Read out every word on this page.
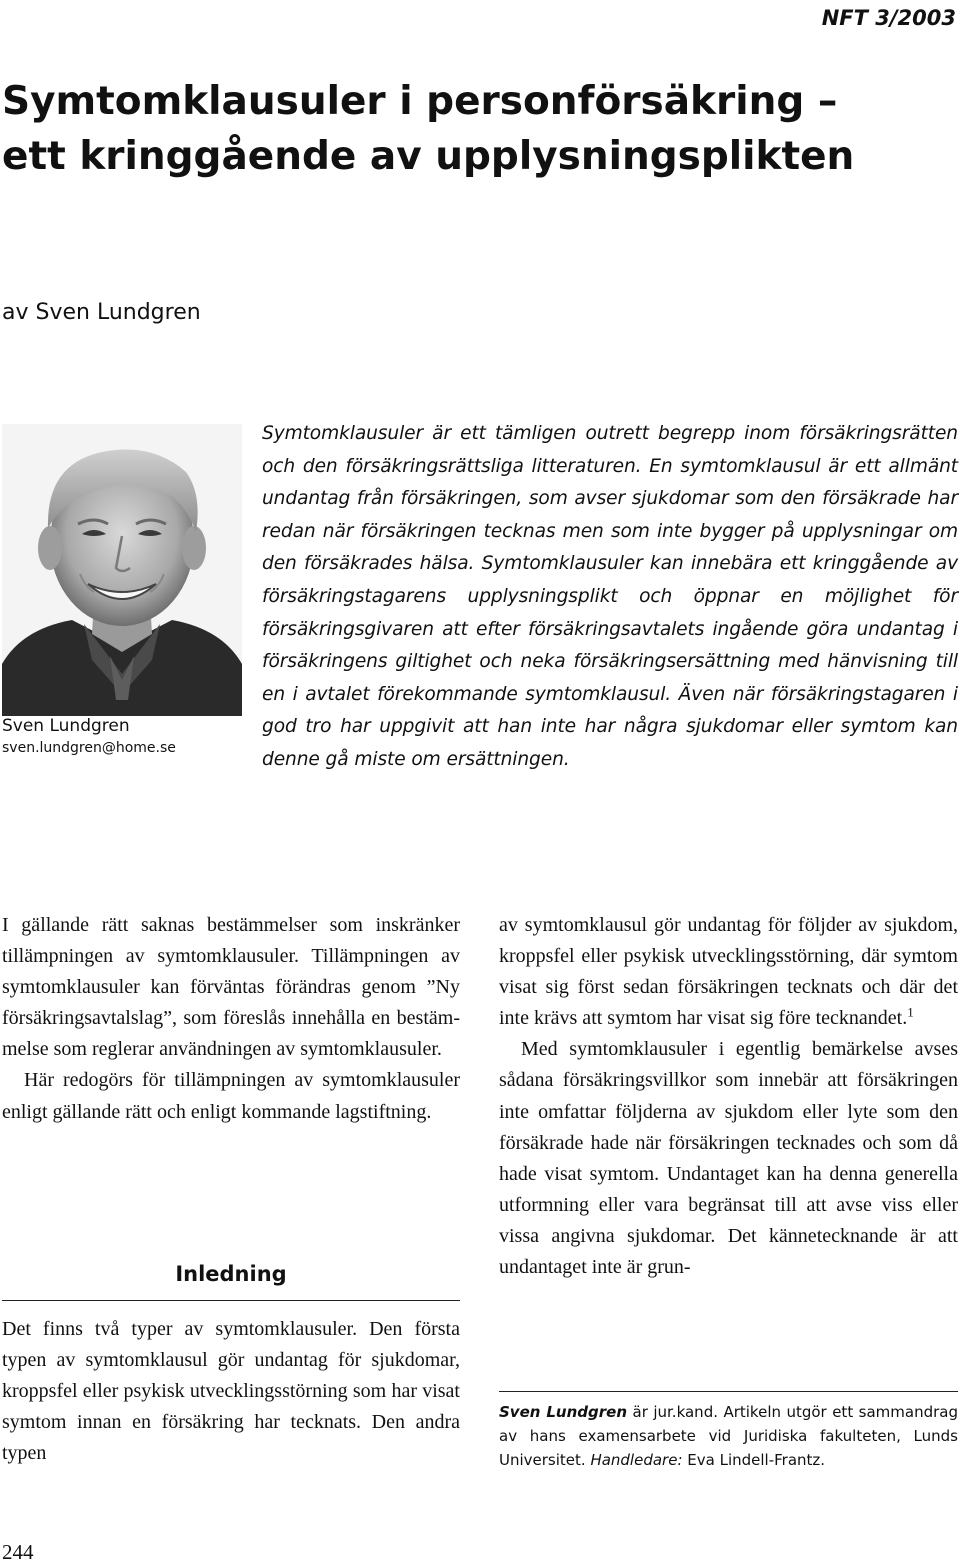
NFT 3/2003
Symtomklausuler i personförsäkring –
ett kringgående av upplysningsplikten
av Sven Lundgren
Sven Lundgren
sven.lundgren@home.se

Symtomklausuler är ett tämligen outrett begrepp inom försäkringsrätten och den försäkringsrättsliga litteraturen. En symtomklausul är ett allmänt undantag från försäkringen, som avser sjukdomar som den försäkrade har redan när försäkringen tecknas men som inte bygger på upplysningar om den försäkrades hälsa. Symtomklausuler kan innebära ett kringgående av försäkringstagarens upplysningsplikt och öppnar en möjlighet för försäkringsgivaren att efter försäkringsavtalets ingående göra undantag i försäkringens giltighet och neka försäkringsersättning med hänvisning till en i avtalet förekommande symtomklausul. Även när försäkringstagaren i god tro har uppgivit att han inte har några sjukdomar eller symtom kan denne gå miste om ersättningen.

I gällande rätt saknas bestämmelser som inskränker tillämpningen av symtomklausuler. Tillämpningen av symtomklausuler kan förväntas förändras genom ”Ny försäkringsavtalslag”, som föreslås innehålla en bestämmelse som reglerar användningen av symtomklausuler.

Här redogörs för tillämpningen av symtomklausuler enligt gällande rätt och enligt kommande lagstiftning.

Inledning

Det finns två typer av symtomklausuler. Den första typen av symtomklausul gör undantag för sjukdomar, kroppsfel eller psykisk utvecklingsstörning som har visat symtom innan en försäkring har tecknats. Den andra typen

av symtomklausul gör undantag för följder av sjukdom, kroppsfel eller psykisk utvecklingsstörning, där symtom visat sig först sedan försäkringen tecknats och där det inte krävs att symtom har visat sig före tecknandet.$^1$

Med symtomklausuler i egentlig bemärkelse avses sådana försäkringsvillkor som innebär att försäkringen inte omfattar följderna av sjukdom eller lyte som den försäkrade hade när försäkringen tecknades och som då hade visat symtom. Undantaget kan ha denna generella utformning eller vara begränsat till att avse viss eller vissa angivna sjukdomar. Det kännetecknande är att undantaget inte är grun-

Sven Lundgren är jur.kand. Artikeln utgör ett sammandrag av hans examensarbete vid Juridiska fakulteten, Lunds Universitet. Handledare: Eva Lindell-Frantz.

244
